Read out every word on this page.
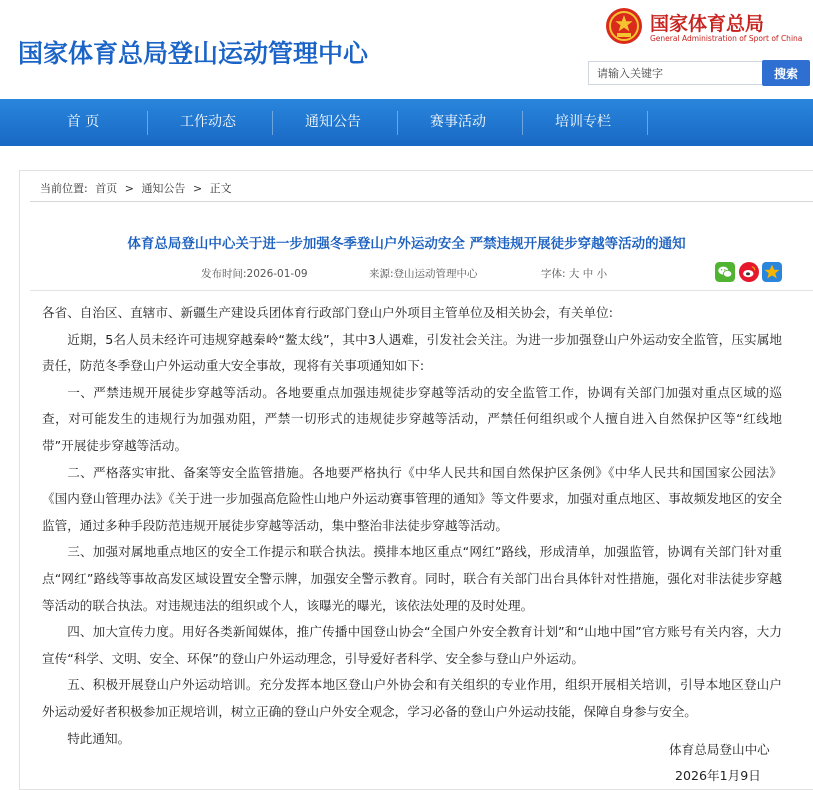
国家体育总局登山运动管理中心
国家体育总局
General Administration of Sport of China
请输入关键字
搜索
首 页	工作动态	通知公告	赛事活动	培训专栏
当前位置: 首页 > 通知公告 > 正文
体育总局登山中心关于进一步加强冬季登山户外运动安全 严禁违规开展徒步穿越等活动的通知
发布时间:2026-01-09	来源:登山运动管理中心	字体: 大 中 小

各省、自治区、直辖市、新疆生产建设兵团体育行政部门登山户外项目主管单位及相关协会，有关单位:

近期，5名人员未经许可违规穿越秦岭“鳌太线”，其中3人遇难，引发社会关注。为进一步加强登山户外运动安全监管，压实属地责任，防范冬季登山户外运动重大安全事故，现将有关事项通知如下:

一、严禁违规开展徒步穿越等活动。各地要重点加强违规徒步穿越等活动的安全监管工作，协调有关部门加强对重点区域的巡查，对可能发生的违规行为加强劝阻，严禁一切形式的违规徒步穿越等活动，严禁任何组织或个人擅自进入自然保护区等“红线地带”开展徒步穿越等活动。

二、严格落实审批、备案等安全监管措施。各地要严格执行《中华人民共和国自然保护区条例》《中华人民共和国国家公园法》《国内登山管理办法》《关于进一步加强高危险性山地户外运动赛事管理的通知》等文件要求，加强对重点地区、事故频发地区的安全监管，通过多种手段防范违规开展徒步穿越等活动，集中整治非法徒步穿越等活动。

三、加强对属地重点地区的安全工作提示和联合执法。摸排本地区重点“网红”路线，形成清单，加强监管，协调有关部门针对重点“网红”路线等事故高发区域设置安全警示牌，加强安全警示教育。同时，联合有关部门出台具体针对性措施，强化对非法徒步穿越等活动的联合执法。对违规违法的组织或个人，该曝光的曝光，该依法处理的及时处理。

四、加大宣传力度。用好各类新闻媒体，推广传播中国登山协会“全国户外安全教育计划”和“山地中国”官方账号有关内容，大力宣传“科学、文明、安全、环保”的登山户外运动理念，引导爱好者科学、安全参与登山户外运动。

五、积极开展登山户外运动培训。充分发挥本地区登山户外协会和有关组织的专业作用，组织开展相关培训，引导本地区登山户外运动爱好者积极参加正规培训，树立正确的登山户外安全观念，学习必备的登山户外运动技能，保障自身参与安全。

特此通知。

体育总局登山中心
2026年1月9日
